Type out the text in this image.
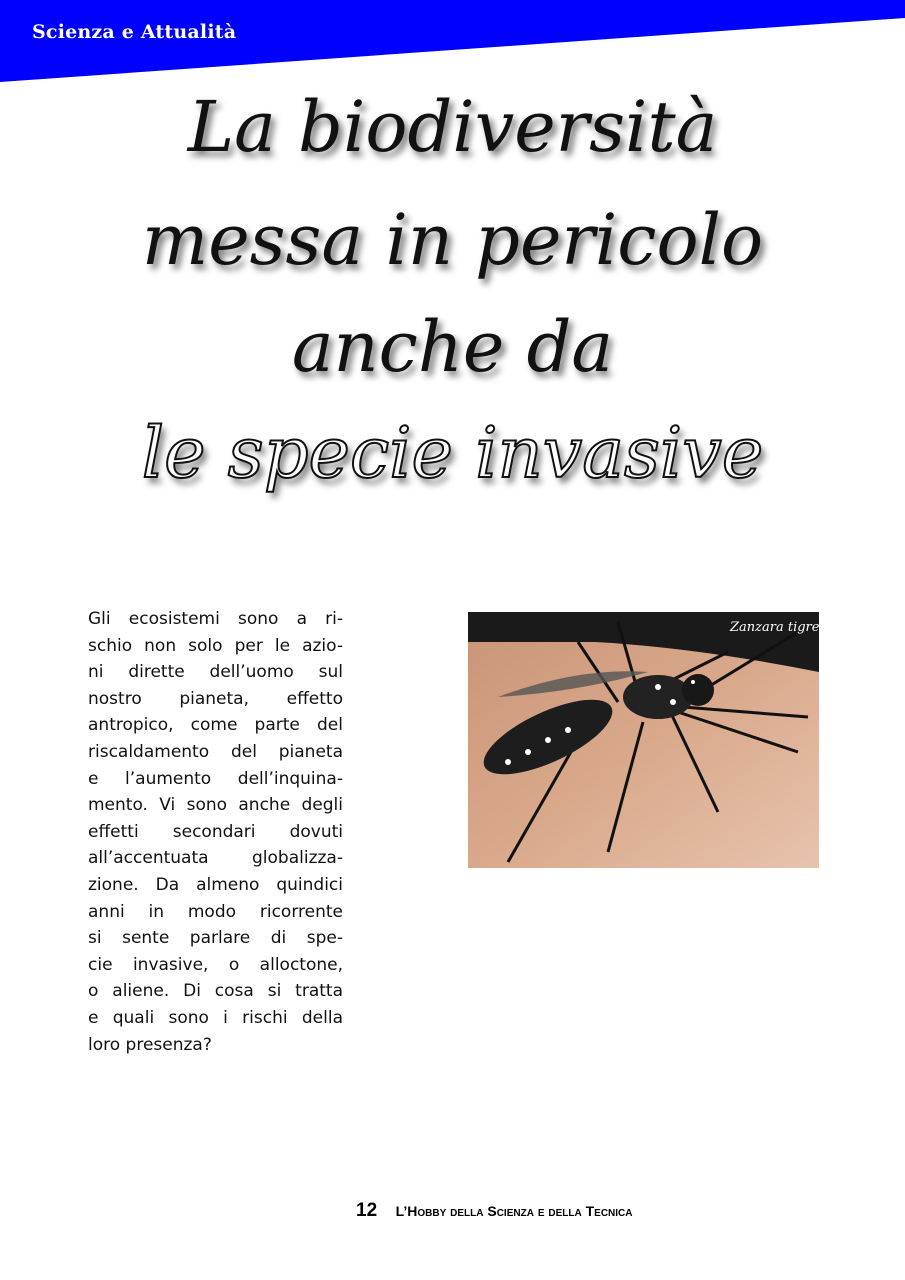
Scienza e Attualità
La biodiversità
messa in pericolo
anche da
le specie invasive
Gli ecosistemi sono a ri-
schio non solo per le azio-
ni dirette dell’uomo sul
nostro pianeta, effetto
antropico, come parte del
riscaldamento del pianeta
e l’aumento dell’inquina-
mento. Vi sono anche degli
effetti secondari dovuti
all’accentuata globalizza-
zione. Da almeno quindici
anni in modo ricorrente
si sente parlare di spe-
cie invasive, o alloctone,
o aliene. Di cosa si tratta
e quali sono i rischi della
loro presenza?
Zanzara tigre
12 L’Hobby della Scienza e della Tecnica
